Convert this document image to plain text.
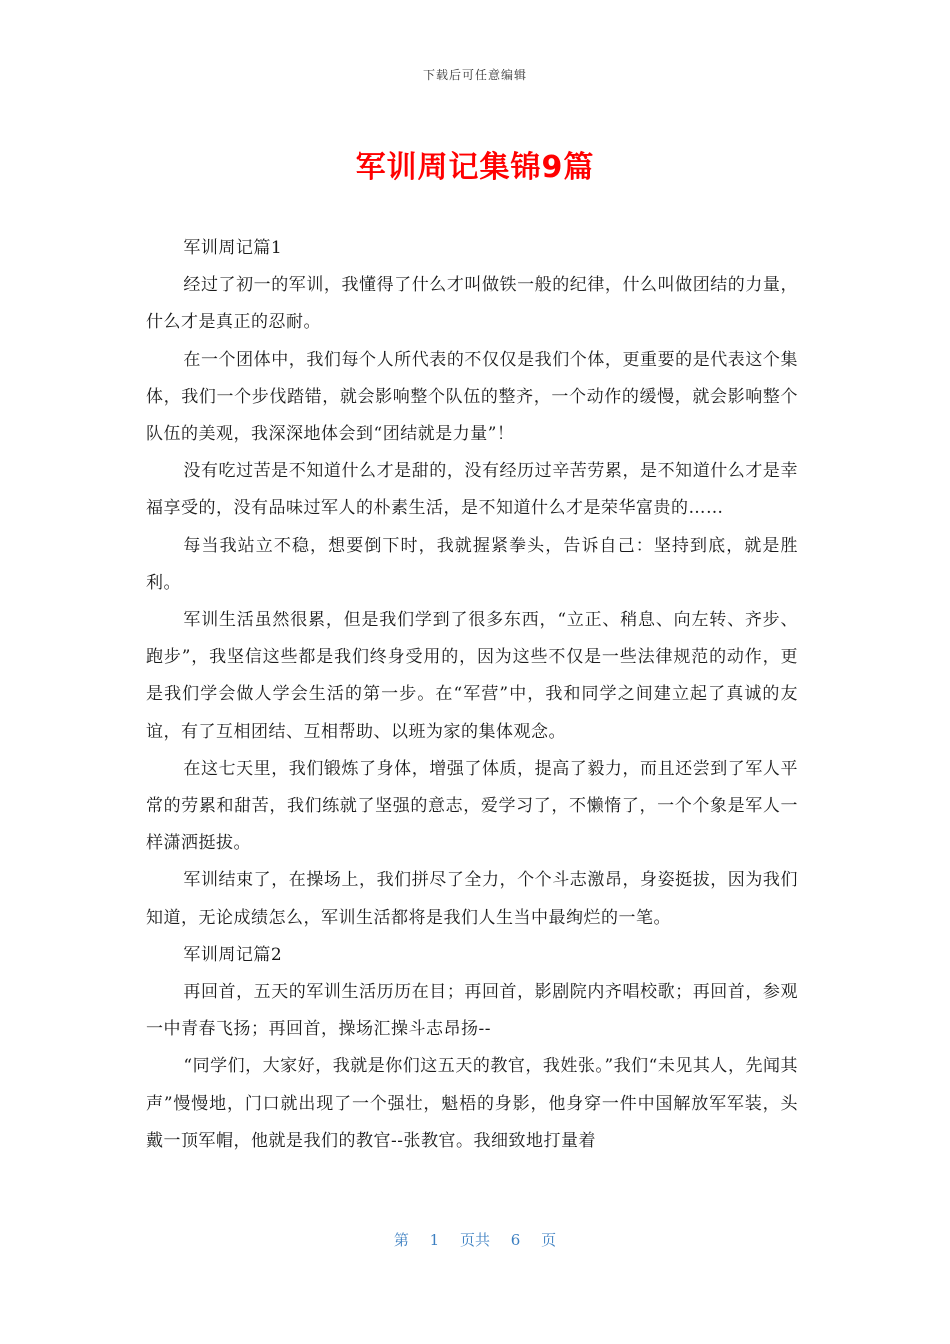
下载后可任意编辑
军训周记集锦9篇

军训周记篇1

经过了初一的军训，我懂得了什么才叫做铁一般的纪律，什么叫做团结的力量，什么才是真正的忍耐。

在一个团体中，我们每个人所代表的不仅仅是我们个体，更重要的是代表这个集体，我们一个步伐踏错，就会影响整个队伍的整齐，一个动作的缓慢，就会影响整个队伍的美观，我深深地体会到“团结就是力量”！

没有吃过苦是不知道什么才是甜的，没有经历过辛苦劳累，是不知道什么才是幸福享受的，没有品味过军人的朴素生活，是不知道什么才是荣华富贵的……

每当我站立不稳，想要倒下时，我就握紧拳头，告诉自己：坚持到底，就是胜利。

军训生活虽然很累，但是我们学到了很多东西，“立正、稍息、向左转、齐步、跑步”，我坚信这些都是我们终身受用的，因为这些不仅是一些法律规范的动作，更是我们学会做人学会生活的第一步。在“军营”中，我和同学之间建立起了真诚的友谊，有了互相团结、互相帮助、以班为家的集体观念。

在这七天里，我们锻炼了身体，增强了体质，提高了毅力，而且还尝到了军人平常的劳累和甜苦，我们练就了坚强的意志，爱学习了，不懒惰了，一个个象是军人一样潇洒挺拔。

军训结束了，在操场上，我们拼尽了全力，个个斗志激昂，身姿挺拔，因为我们知道，无论成绩怎么，军训生活都将是我们人生当中最绚烂的一笔。

军训周记篇2

再回首，五天的军训生活历历在目；再回首，影剧院内齐唱校歌；再回首，参观一中青春飞扬；再回首，操场汇操斗志昂扬--

“同学们，大家好，我就是你们这五天的教官，我姓张。”我们“未见其人，先闻其声”慢慢地，门口就出现了一个强壮，魁梧的身影，他身穿一件中国解放军军装，头戴一顶军帽，他就是我们的教官--张教官。我细致地打量着

第 1 页共 6 页
